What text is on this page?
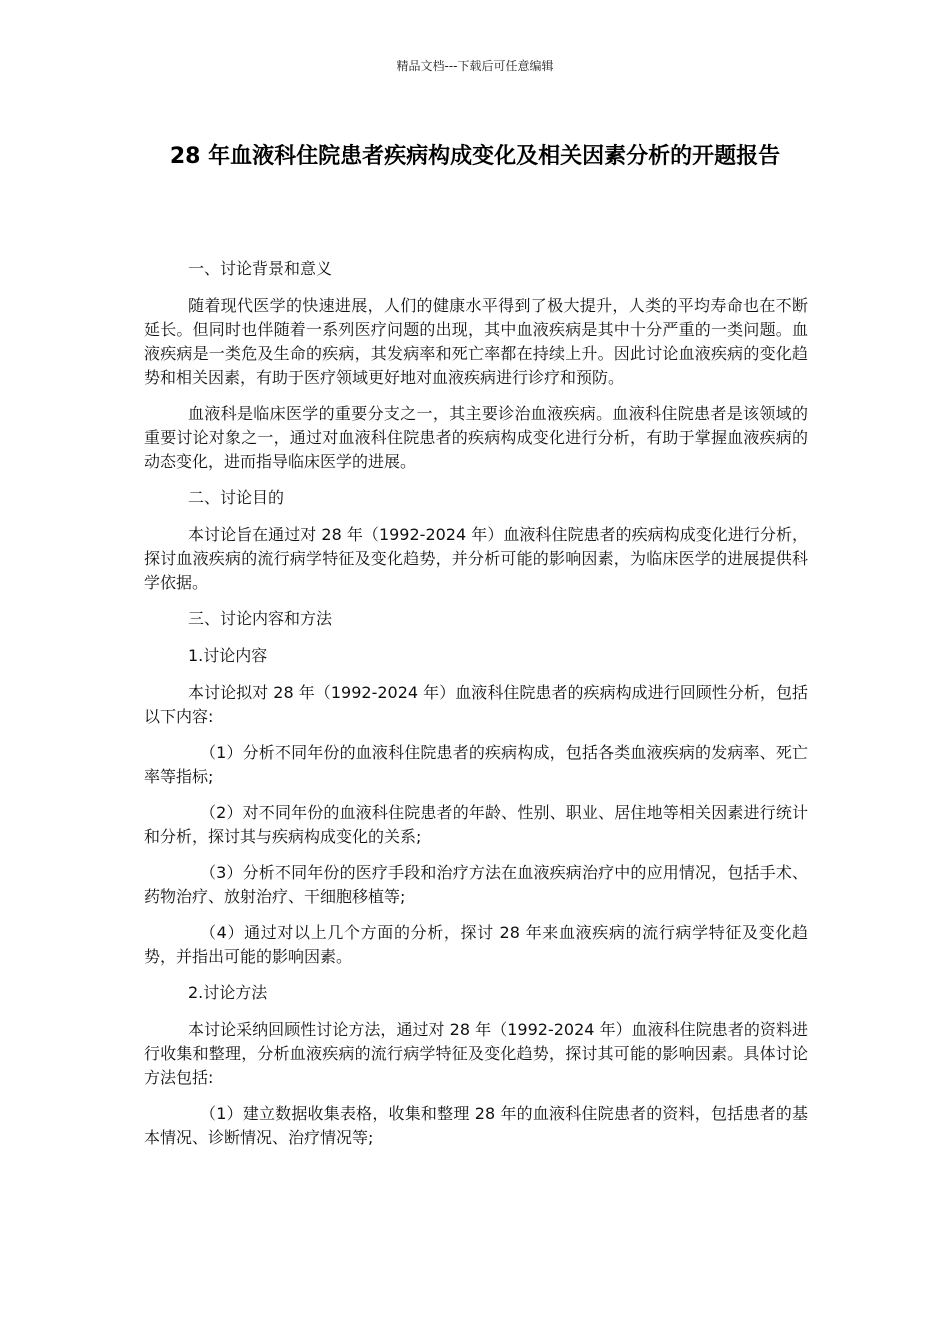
精品文档---下载后可任意编辑
28 年血液科住院患者疾病构成变化及相关因素分析的开题报告

一、讨论背景和意义

随着现代医学的快速进展，人们的健康水平得到了极大提升，人类的平均寿命也在不断延长。但同时也伴随着一系列医疗问题的出现，其中血液疾病是其中十分严重的一类问题。血液疾病是一类危及生命的疾病，其发病率和死亡率都在持续上升。因此讨论血液疾病的变化趋势和相关因素，有助于医疗领域更好地对血液疾病进行诊疗和预防。

血液科是临床医学的重要分支之一，其主要诊治血液疾病。血液科住院患者是该领域的重要讨论对象之一，通过对血液科住院患者的疾病构成变化进行分析，有助于掌握血液疾病的动态变化，进而指导临床医学的进展。

二、讨论目的

本讨论旨在通过对 28 年（1992-2024 年）血液科住院患者的疾病构成变化进行分析，探讨血液疾病的流行病学特征及变化趋势，并分析可能的影响因素，为临床医学的进展提供科学依据。

三、讨论内容和方法

1.讨论内容

本讨论拟对 28 年（1992-2024 年）血液科住院患者的疾病构成进行回顾性分析，包括以下内容:

（1）分析不同年份的血液科住院患者的疾病构成，包括各类血液疾病的发病率、死亡率等指标;

（2）对不同年份的血液科住院患者的年龄、性别、职业、居住地等相关因素进行统计和分析，探讨其与疾病构成变化的关系;

（3）分析不同年份的医疗手段和治疗方法在血液疾病治疗中的应用情况，包括手术、药物治疗、放射治疗、干细胞移植等;

（4）通过对以上几个方面的分析，探讨 28 年来血液疾病的流行病学特征及变化趋势，并指出可能的影响因素。

2.讨论方法

本讨论采纳回顾性讨论方法，通过对 28 年（1992-2024 年）血液科住院患者的资料进行收集和整理，分析血液疾病的流行病学特征及变化趋势，探讨其可能的影响因素。具体讨论方法包括:

（1）建立数据收集表格，收集和整理 28 年的血液科住院患者的资料，包括患者的基本情况、诊断情况、治疗情况等;
